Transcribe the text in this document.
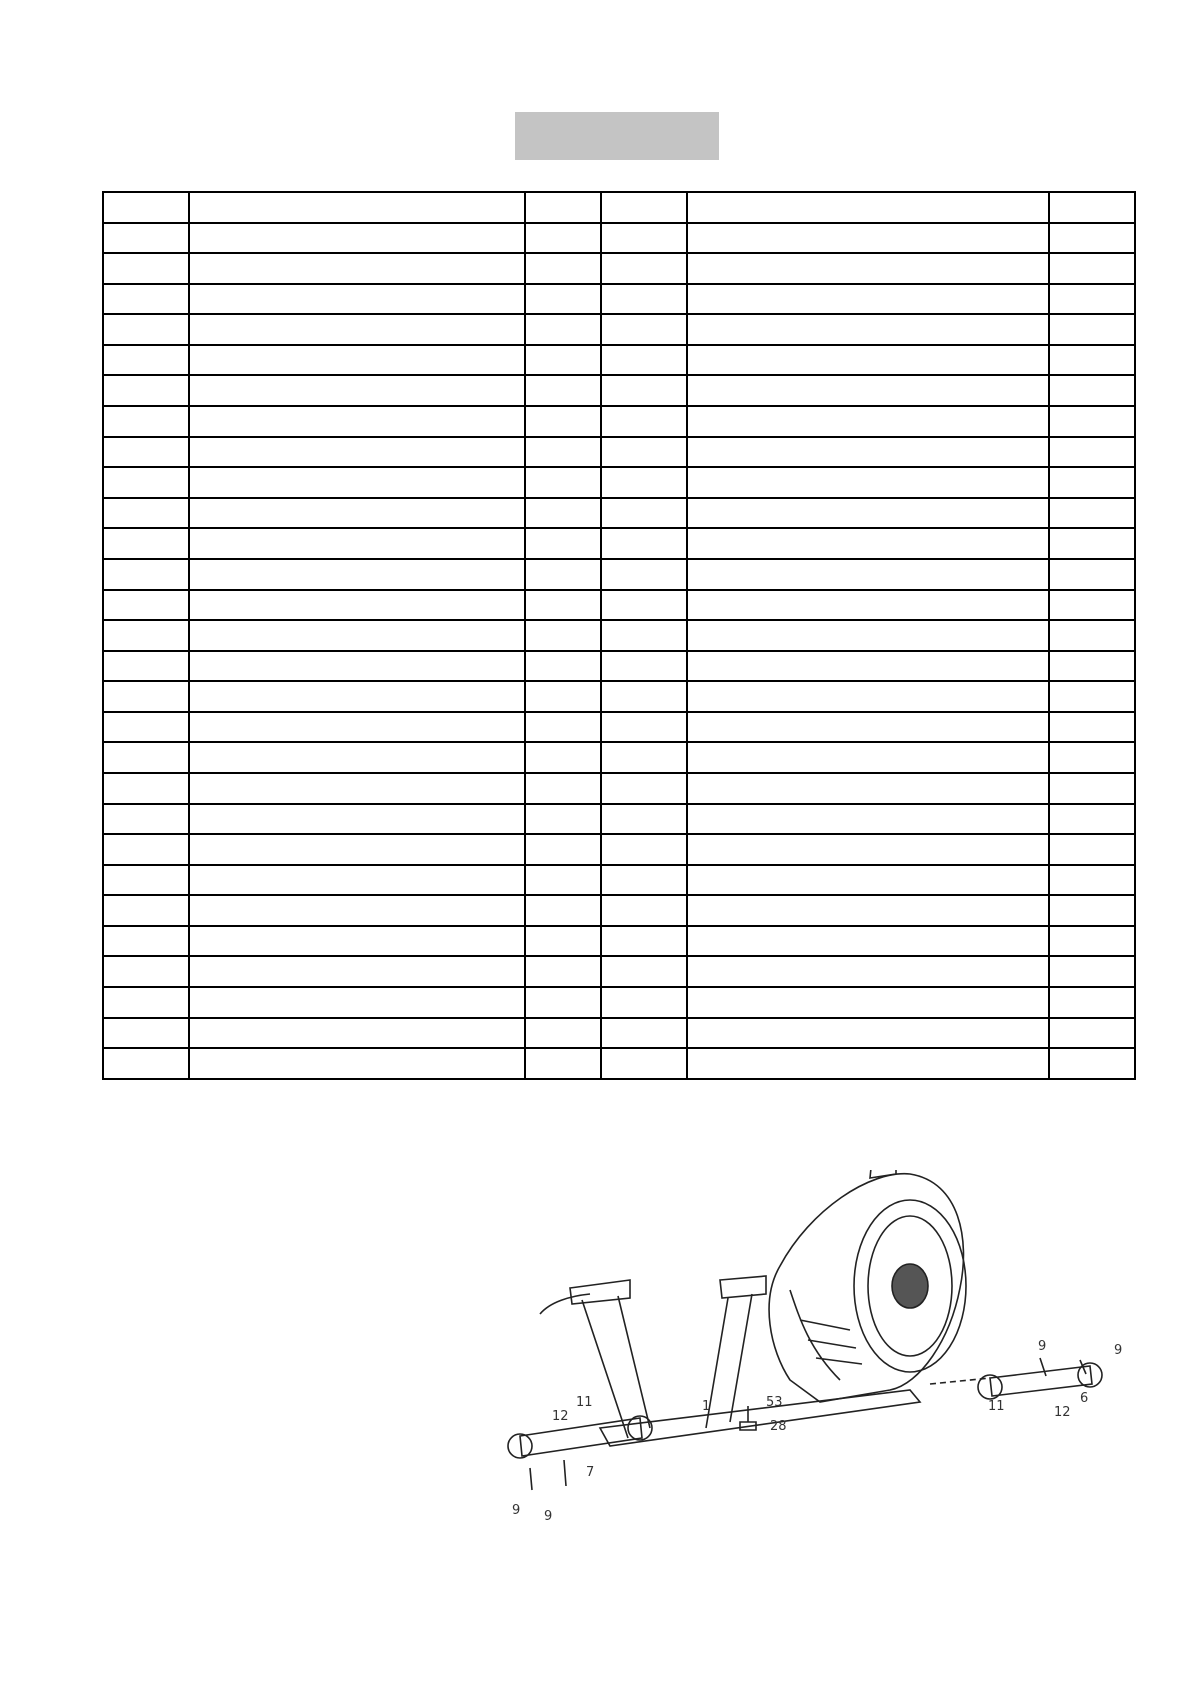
1
6
7
9 9
9	9
11	11
12	12
28
53
